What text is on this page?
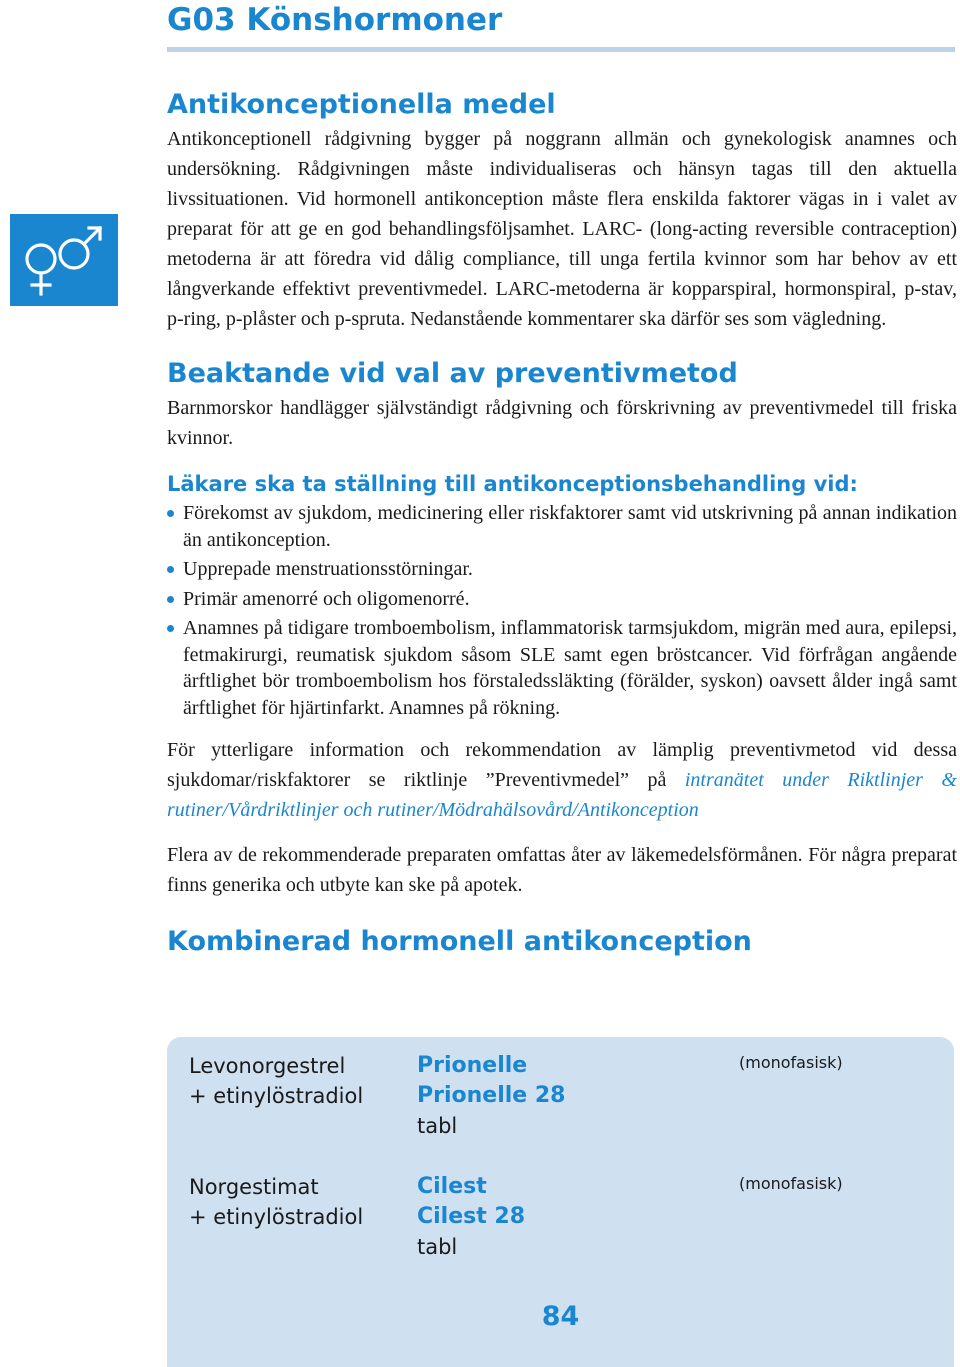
G03 Könshormoner
Antikonceptionella medel

Antikonceptionell rådgivning bygger på noggrann allmän och gynekologisk anamnes och undersökning. Rådgivningen måste individualiseras och hänsyn tagas till den aktuella livssituationen. Vid hormonell antikonception måste flera enskilda faktorer vägas in i valet av preparat för att ge en god behandlingsföljsamhet. LARC- (long-acting reversible contraception) metoderna är att föredra vid dålig compliance, till unga fertila kvinnor som har behov av ett långverkande effektivt preventivmedel. LARC-metoderna är kopparspiral, hormonspiral, p-stav, p-ring, p-plåster och p-spruta. Nedanstående kommentarer ska därför ses som vägledning.

Beaktande vid val av preventivmetod

Barnmorskor handlägger självständigt rådgivning och förskrivning av preventivmedel till friska kvinnor.

Läkare ska ta ställning till antikonceptionsbehandling vid:
Förekomst av sjukdom, medicinering eller riskfaktorer samt vid utskrivning på annan indikation än antikonception.
Upprepade menstruationsstörningar.
Primär amenorré och oligomenorré.
Anamnes på tidigare tromboembolism, inflammatorisk tarmsjukdom, migrän med aura, epilepsi, fetmakirurgi, reumatisk sjukdom såsom SLE samt egen bröstcancer. Vid förfrågan angående ärftlighet bör tromboembolism hos förstaledssläkting (förälder, syskon) oavsett ålder ingå samt ärftlighet för hjärtinfarkt. Anamnes på rökning.

För ytterligare information och rekommendation av lämplig preventivmetod vid dessa sjukdomar/riskfaktorer se riktlinje ”Preventivmedel” på intranätet under Riktlinjer & rutiner/Vårdriktlinjer och rutiner/Mödrahälsovård/Antikonception

Flera av de rekommenderade preparaten omfattas åter av läkemedelsförmånen. För några preparat finns generika och utbyte kan ske på apotek.

Kombinerad hormonell antikonception
Levonorgestrel
+ etinylöstradiol
Prionelle
Prionelle 28
tabl
(monofasisk)
Norgestimat
+ etinylöstradiol
Cilest
Cilest 28
tabl
(monofasisk)
84
